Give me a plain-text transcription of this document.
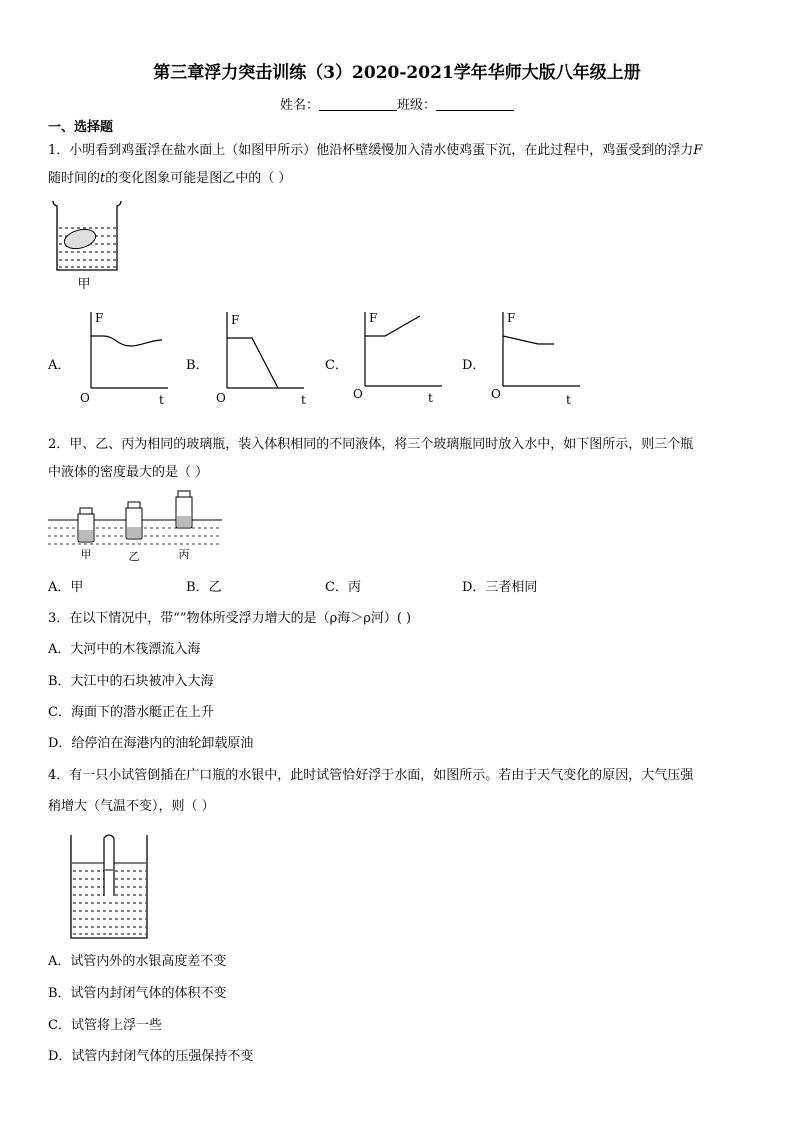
第三章浮力突击训练（3）2020-2021学年华师大版八年级上册
姓名：	班级：
一、选择题
1．小明看到鸡蛋浮在盐水面上（如图甲所示）他沿杯壁缓慢加入清水使鸡蛋下沉，在此过程中，鸡蛋受到的浮力F
随时间的t的变化图象可能是图乙中的（ ）
甲
A．	B．	C．	D．
F
O	t
F
O	t
F
O	t
F
O	t
2．甲、乙、丙为相同的玻璃瓶，装入体积相同的不同液体，将三个玻璃瓶同时放入水中，如下图所示，则三个瓶
中液体的密度最大的是（ ）
甲	乙	丙
A．甲	B．乙	C．丙	D．三者相同
3．在以下情况中，带“”物体所受浮力增大的是（ρ海＞ρ河）( )
A．大河中的木筏漂流入海
B．大江中的石块被冲入大海
C．海面下的潜水艇正在上升
D．给停泊在海港内的油轮卸载原油
4．有一只小试管倒插在广口瓶的水银中，此时试管恰好浮于水面，如图所示。若由于天气变化的原因，大气压强
稍增大（气温不变），则（ ）
A．试管内外的水银高度差不变
B．试管内封闭气体的体积不变
C．试管将上浮一些
D．试管内封闭气体的压强保持不变
